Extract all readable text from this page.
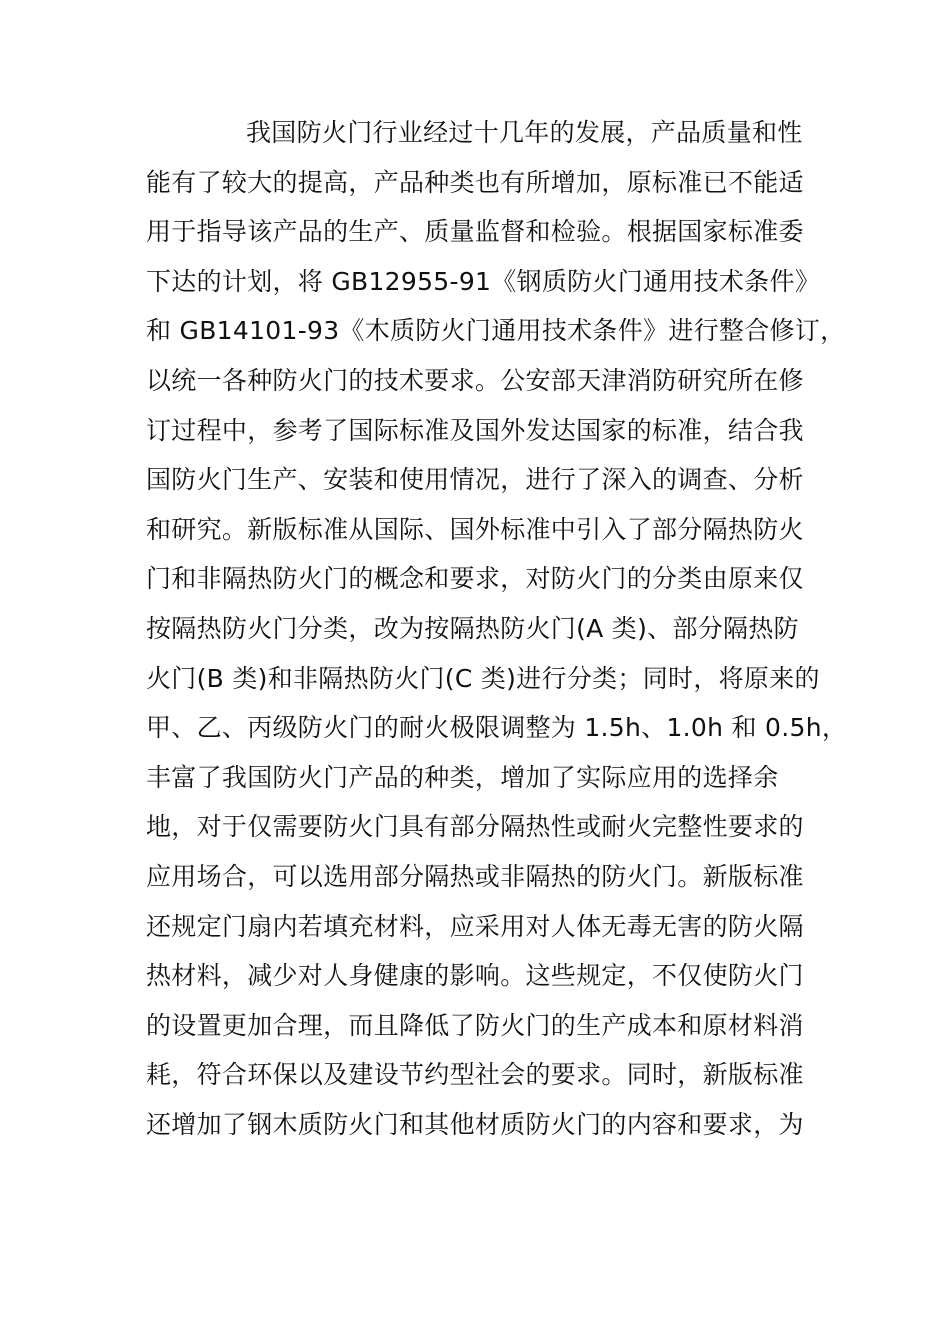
我国防火门行业经过十几年的发展，产品质量和性
能有了较大的提高，产品种类也有所增加，原标准已不能适
用于指导该产品的生产、质量监督和检验。根据国家标准委
下达的计划，将 GB12955-91《钢质防火门通用技术条件》
和 GB14101-93《木质防火门通用技术条件》进行整合修订，
以统一各种防火门的技术要求。公安部天津消防研究所在修
订过程中，参考了国际标准及国外发达国家的标准，结合我
国防火门生产、安装和使用情况，进行了深入的调查、分析
和研究。新版标准从国际、国外标准中引入了部分隔热防火
门和非隔热防火门的概念和要求，对防火门的分类由原来仅
按隔热防火门分类，改为按隔热防火门(A 类)、部分隔热防
火门(B 类)和非隔热防火门(C 类)进行分类；同时，将原来的
甲、乙、丙级防火门的耐火极限调整为 1.5h、1.0h 和 0.5h，
丰富了我国防火门产品的种类，增加了实际应用的选择余
地，对于仅需要防火门具有部分隔热性或耐火完整性要求的
应用场合，可以选用部分隔热或非隔热的防火门。新版标准
还规定门扇内若填充材料，应采用对人体无毒无害的防火隔
热材料，减少对人身健康的影响。这些规定，不仅使防火门
的设置更加合理，而且降低了防火门的生产成本和原材料消
耗，符合环保以及建设节约型社会的要求。同时，新版标准
还增加了钢木质防火门和其他材质防火门的内容和要求，为
